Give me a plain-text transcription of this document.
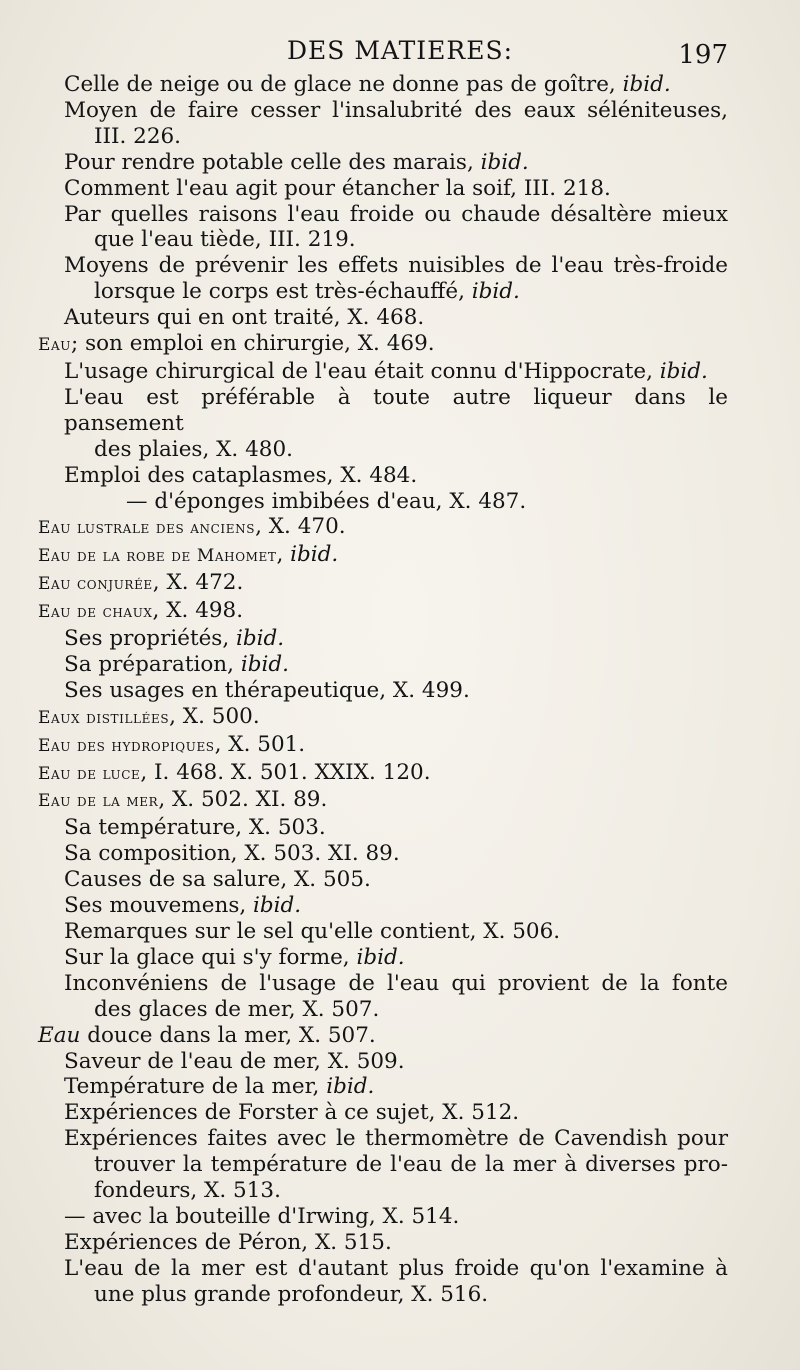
DES MATIERES:	197
Celle de neige ou de glace ne donne pas de goître, ibid.
Moyen de faire cesser l'insalubrité des eaux séléniteuses,
III. 226.
Pour rendre potable celle des marais, ibid.
Comment l'eau agit pour étancher la soif, III. 218.
Par quelles raisons l'eau froide ou chaude désaltère mieux
que l'eau tiède, III. 219.
Moyens de prévenir les effets nuisibles de l'eau très-froide
lorsque le corps est très-échauffé, ibid.
Auteurs qui en ont traité, X. 468.
Eau; son emploi en chirurgie, X. 469.
L'usage chirurgical de l'eau était connu d'Hippocrate, ibid.
L'eau est préférable à toute autre liqueur dans le pansement
des plaies, X. 480.
Emploi des cataplasmes, X. 484.
— d'éponges imbibées d'eau, X. 487.
Eau lustrale des anciens, X. 470.
Eau de la robe de Mahomet, ibid.
Eau conjurée, X. 472.
Eau de chaux, X. 498.
Ses propriétés, ibid.
Sa préparation, ibid.
Ses usages en thérapeutique, X. 499.
Eaux distillées, X. 500.
Eau des hydropiques, X. 501.
Eau de luce, I. 468. X. 501. XXIX. 120.
Eau de la mer, X. 502. XI. 89.
Sa température, X. 503.
Sa composition, X. 503. XI. 89.
Causes de sa salure, X. 505.
Ses mouvemens, ibid.
Remarques sur le sel qu'elle contient, X. 506.
Sur la glace qui s'y forme, ibid.
Inconvéniens de l'usage de l'eau qui provient de la fonte
des glaces de mer, X. 507.
Eau douce dans la mer, X. 507.
Saveur de l'eau de mer, X. 509.
Température de la mer, ibid.
Expériences de Forster à ce sujet, X. 512.
Expériences faites avec le thermomètre de Cavendish pour
trouver la température de l'eau de la mer à diverses pro-
fondeurs, X. 513.
— avec la bouteille d'Irwing, X. 514.
Expériences de Péron, X. 515.
L'eau de la mer est d'autant plus froide qu'on l'examine à
une plus grande profondeur, X. 516.
